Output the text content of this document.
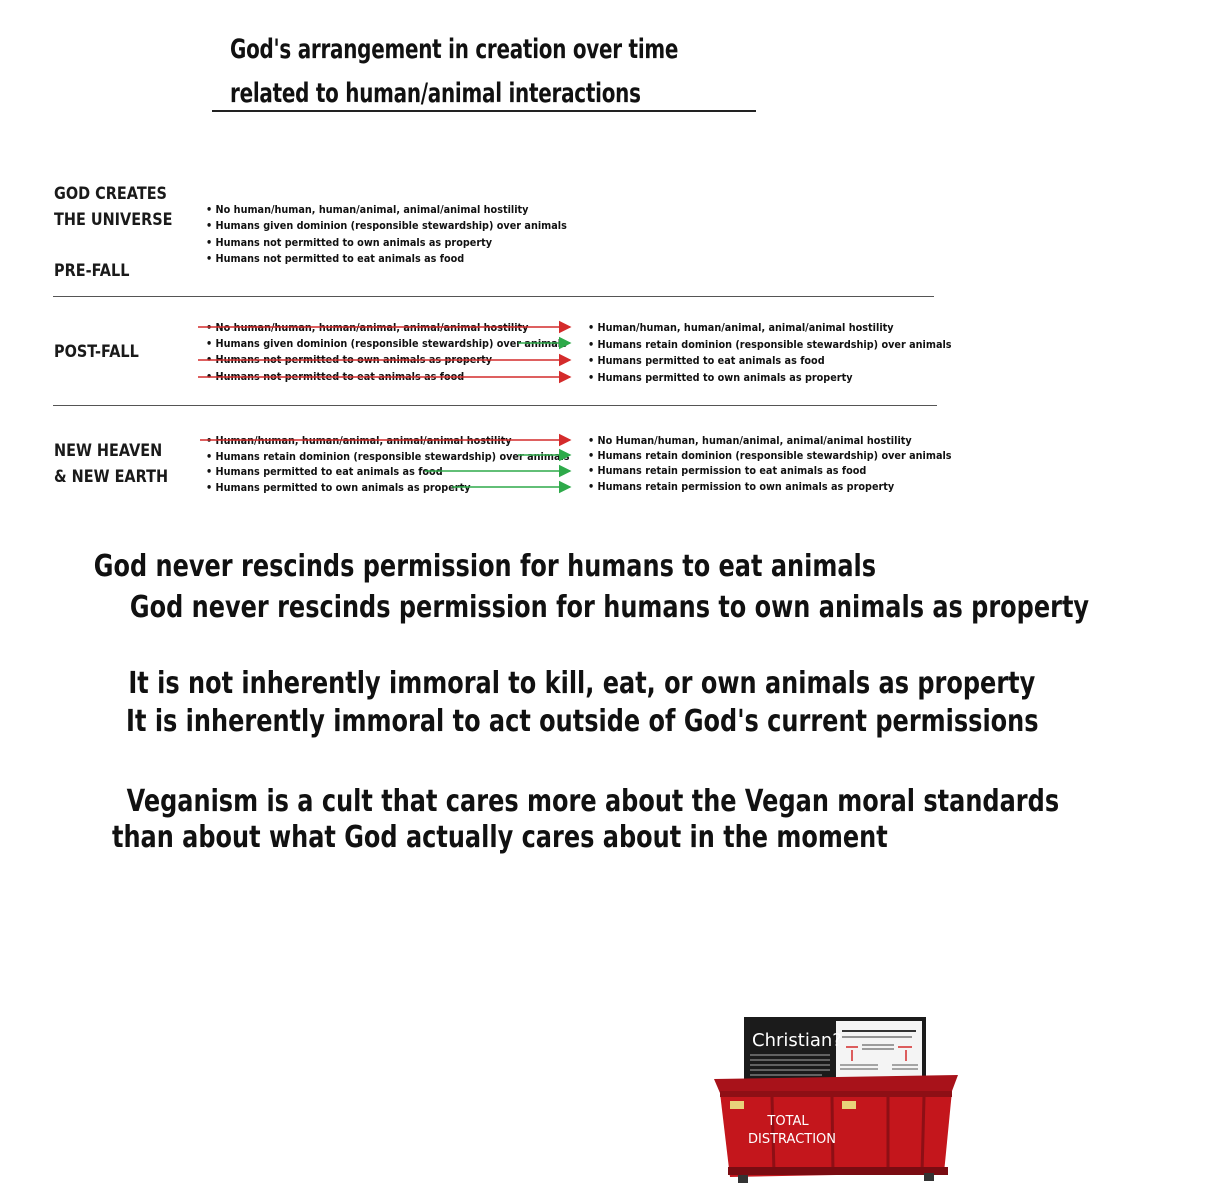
God's arrangement in creation over time
related to human/animal interactions
GOD CREATES
THE UNIVERSE
PRE-FALL
• No human/human, human/animal, animal/animal hostility
• Humans given dominion (responsible stewardship) over animals
• Humans not permitted to own animals as property
• Humans not permitted to eat animals as food
POST-FALL
• No human/human, human/animal, animal/animal hostility
• Humans given dominion (responsible stewardship) over animals
• Humans not permitted to own animals as property
• Humans not permitted to eat animals as food
• Human/human, human/animal, animal/animal hostility
• Humans retain dominion (responsible stewardship) over animals
• Humans permitted to eat animals as food
• Humans permitted to own animals as property
NEW HEAVEN
& NEW EARTH
• Human/human, human/animal, animal/animal hostility
• Humans retain dominion (responsible stewardship) over animals
• Humans permitted to eat animals as food
• Humans permitted to own animals as property
• No Human/human, human/animal, animal/animal hostility
• Humans retain dominion (responsible stewardship) over animals
• Humans retain permission to eat animals as food
• Humans retain permission to own animals as property
God never rescinds permission for humans to eat animals
God never rescinds permission for humans to own animals as property
It is not inherently immoral to kill, eat, or own animals as property
It is inherently immoral to act outside of God's current permissions
Veganism is a cult that cares more about the Vegan moral standards
than about what God actually cares about in the moment
Christian?
TOTAL
DISTRACTION
